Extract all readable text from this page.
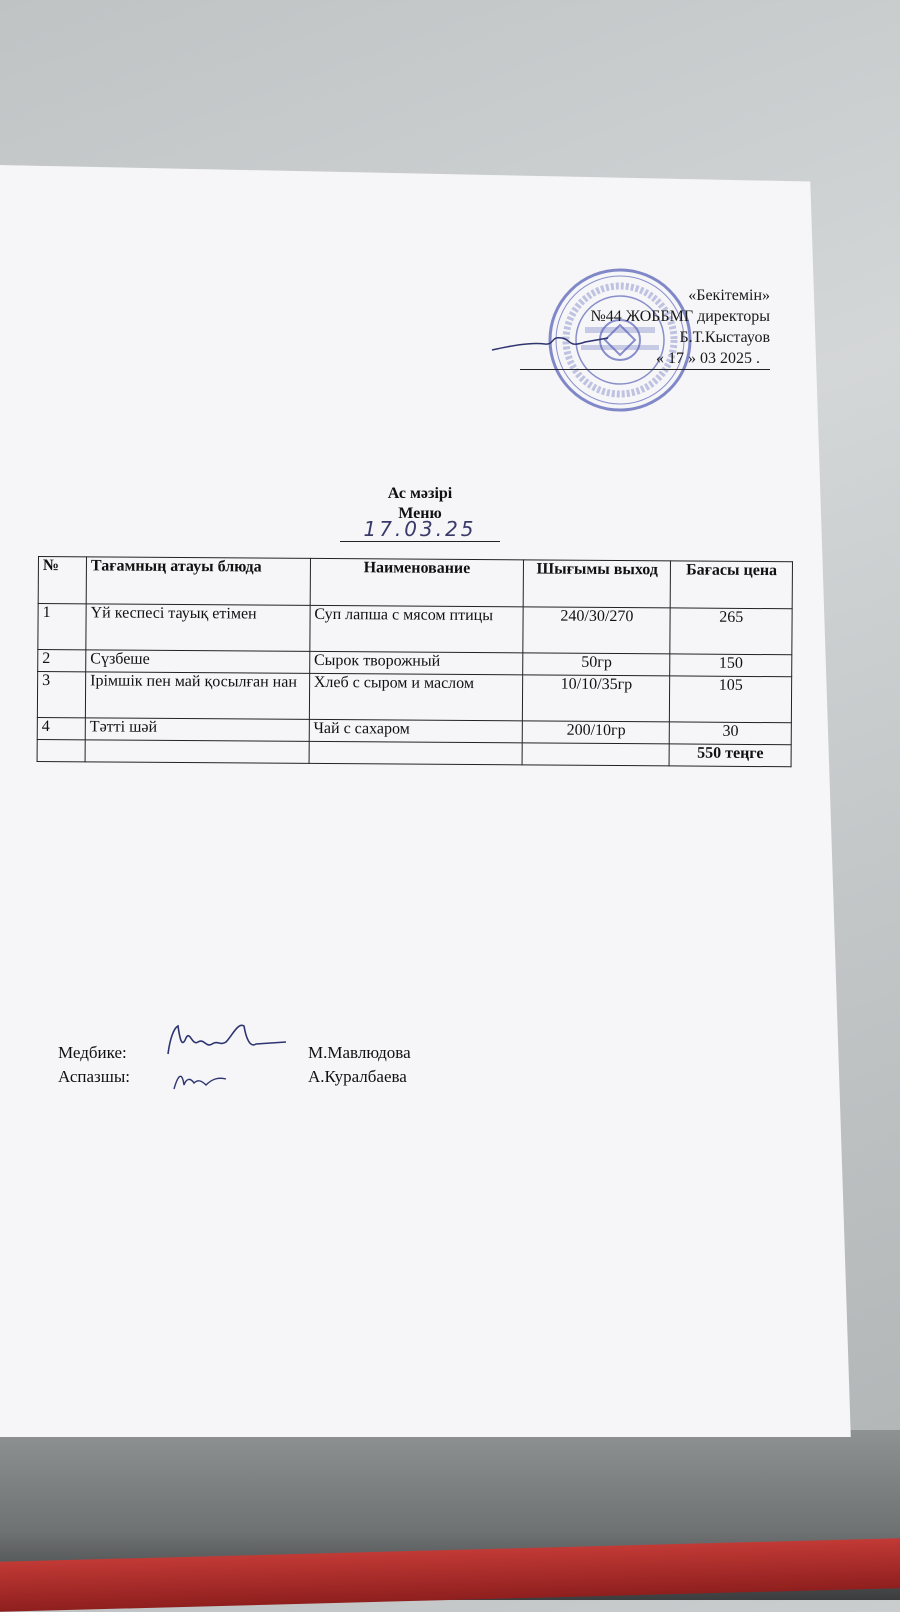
«Бекітемін»
№44 ЖОББМГ директоры
Б.Т.Кыстауов
« 17 » 03 2025 .
Ас мәзірі
Меню
17.03.25
№	Тағамның атауы блюда	Наименование	Шығымы выход	Бағасы цена
1	Үй кеспесі тауық етімен	Суп лапша с мясом птицы	240/30/270	265
2	Сүзбеше	Сырок творожный	50гр	150
3	Ірімшік пен май қосылған нан	Хлеб с сыром и маслом	10/10/35гр	105
4	Тәтті шәй	Чай с сахаром	200/10гр	30
				550 теңге
Медбике:	М.Мавлюдова
Аспазшы:	А.Куралбаева
